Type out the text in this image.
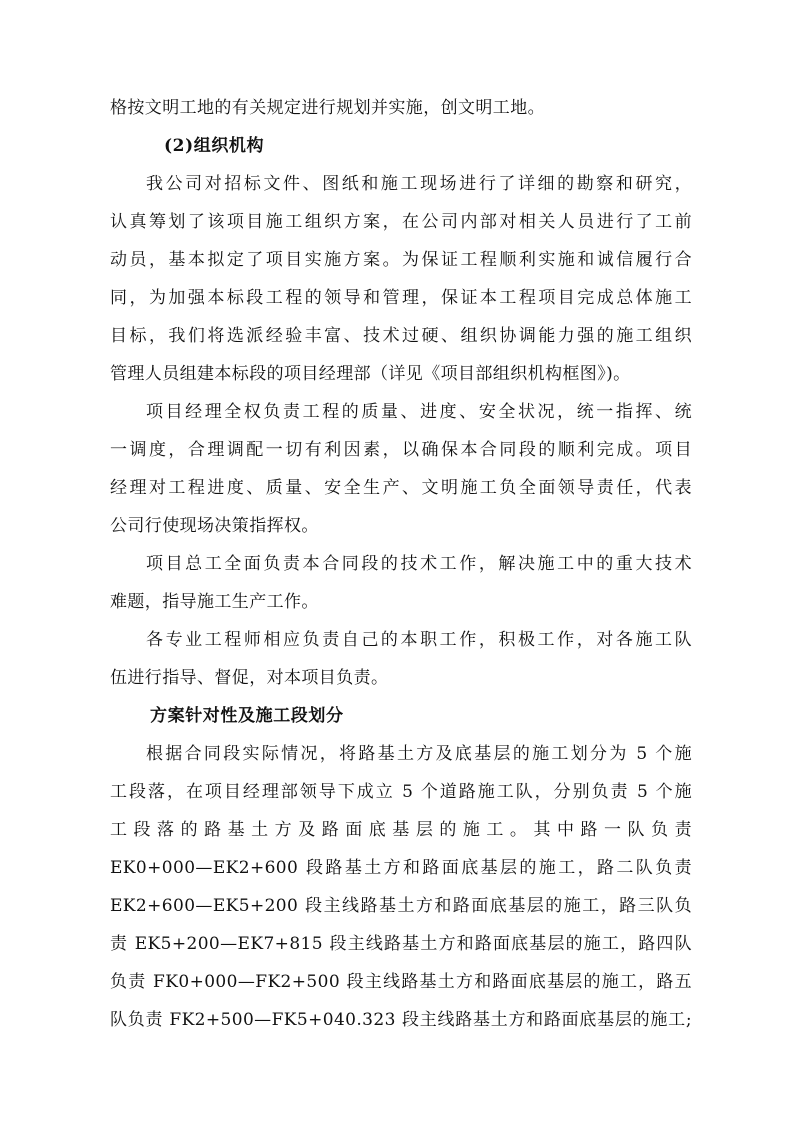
格按文明工地的有关规定进行规划并实施，创文明工地。
(2)组织机构
我公司对招标文件、图纸和施工现场进行了详细的勘察和研究，
认真筹划了该项目施工组织方案，在公司内部对相关人员进行了工前
动员，基本拟定了项目实施方案。为保证工程顺利实施和诚信履行合
同，为加强本标段工程的领导和管理，保证本工程项目完成总体施工
目标，我们将选派经验丰富、技术过硬、组织协调能力强的施工组织
管理人员组建本标段的项目经理部（详见《项目部组织机构框图》)。
项目经理全权负责工程的质量、进度、安全状况，统一指挥、统
一调度，合理调配一切有利因素，以确保本合同段的顺利完成。项目
经理对工程进度、质量、安全生产、文明施工负全面领导责任，代表
公司行使现场决策指挥权。
项目总工全面负责本合同段的技术工作，解决施工中的重大技术
难题，指导施工生产工作。
各专业工程师相应负责自己的本职工作，积极工作，对各施工队
伍进行指导、督促，对本项目负责。
方案针对性及施工段划分
根据合同段实际情况，将路基土方及底基层的施工划分为 5 个施
工段落，在项目经理部领导下成立 5 个道路施工队，分别负责 5 个施
工段落的路基土方及路面底基层的施工。其中路一队负责
EK0+000—EK2+600 段路基土方和路面底基层的施工，路二队负责
EK2+600—EK5+200 段主线路基土方和路面底基层的施工，路三队负
责 EK5+200—EK7+815 段主线路基土方和路面底基层的施工，路四队
负责 FK0+000—FK2+500 段主线路基土方和路面底基层的施工，路五
队负责 FK2+500—FK5+040.323 段主线路基土方和路面底基层的施工;
